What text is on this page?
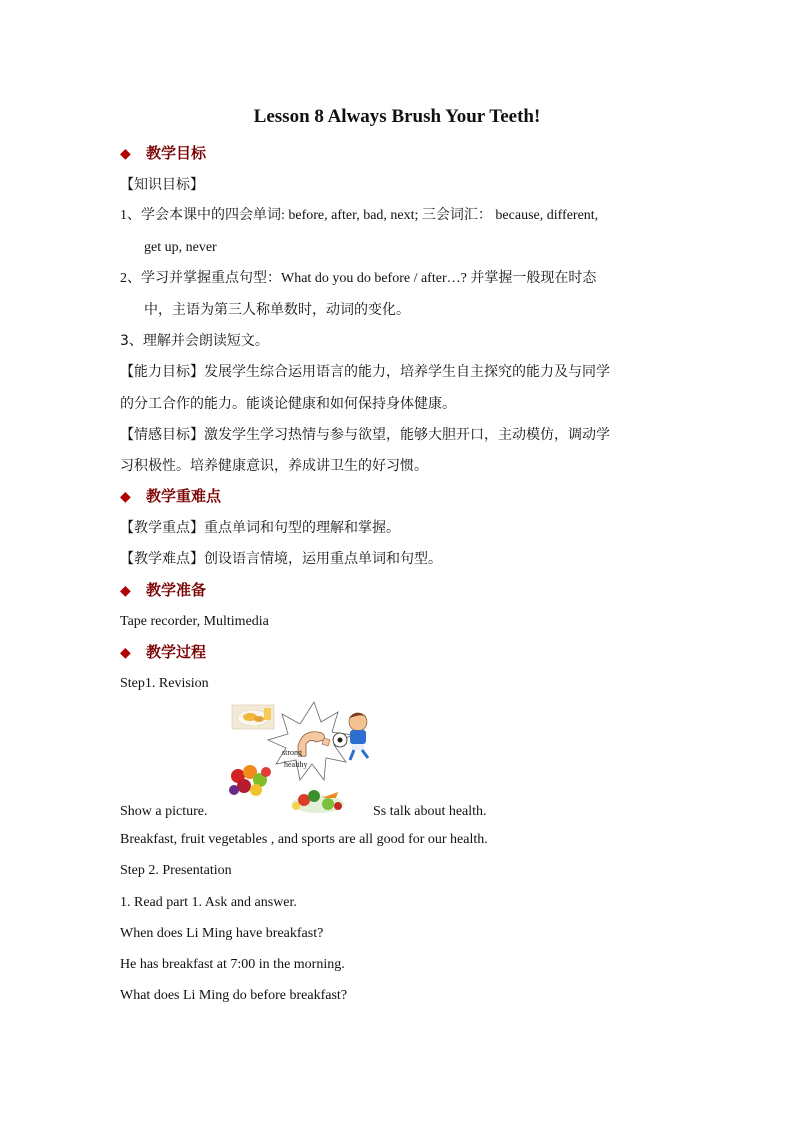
Lesson 8 Always Brush Your Teeth!
◆ 教学目标
【知识目标】
1、学会本课中的四会单词: before, after, bad, next; 三会词汇： because, different,
get up, never
2、学习并掌握重点句型：What do you do before / after…? 并掌握一般现在时态
中，主语为第三人称单数时，动词的变化。
3、理解并会朗读短文。
【能力目标】发展学生综合运用语言的能力，培养学生自主探究的能力及与同学
的分工合作的能力。能谈论健康和如何保持身体健康。
【情感目标】激发学生学习热情与参与欲望，能够大胆开口，主动模仿，调动学
习积极性。培养健康意识，养成讲卫生的好习惯。
◆ 教学重难点
【教学重点】重点单词和句型的理解和掌握。
【教学难点】创设语言情境，运用重点单词和句型。
◆ 教学准备
Tape recorder, Multimedia
◆ 教学过程
Step1. Revision
strong
healthy
Show a picture.	Ss talk about health.
Breakfast, fruit vegetables , and sports are all good for our health.
Step 2. Presentation
1. Read part 1. Ask and answer.
When does Li Ming have breakfast?
He has breakfast at 7:00 in the morning.
What does Li Ming do before breakfast?
